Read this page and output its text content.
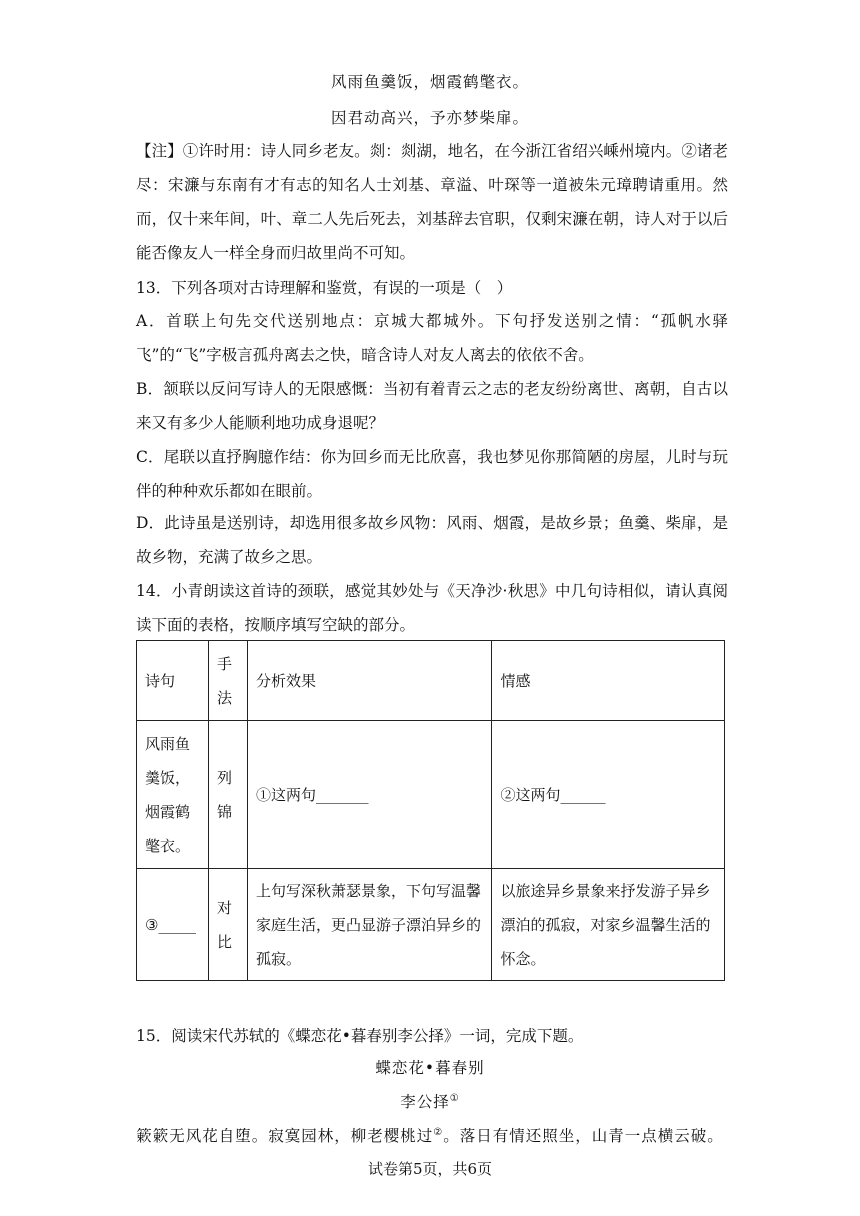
风雨鱼羹饭，烟霞鹤氅衣。
因君动高兴，予亦梦柴扉。
【注】①许时用：诗人同乡老友。剡：剡湖，地名，在今浙江省绍兴嵊州境内。②诸老尽：宋濂与东南有才有志的知名人士刘基、章溢、叶琛等一道被朱元璋聘请重用。然而，仅十来年间，叶、章二人先后死去，刘基辞去官职，仅剩宋濂在朝，诗人对于以后能否像友人一样全身而归故里尚不可知。
13．下列各项对古诗理解和鉴赏，有误的一项是（　）
A．首联上句先交代送别地点：京城大都城外。下句抒发送别之情：“孤帆水驿飞”的“飞”字极言孤舟离去之快，暗含诗人对友人离去的依依不舍。
B．颔联以反问写诗人的无限感慨：当初有着青云之志的老友纷纷离世、离朝，自古以来又有多少人能顺利地功成身退呢？
C．尾联以直抒胸臆作结：你为回乡而无比欣喜，我也梦见你那简陋的房屋，儿时与玩伴的种种欢乐都如在眼前。
D．此诗虽是送别诗，却选用很多故乡风物：风雨、烟霞，是故乡景；鱼羹、柴扉，是故乡物，充满了故乡之思。
14．小青朗读这首诗的颈联，感觉其妙处与《天净沙·秋思》中几句诗相似，请认真阅读下面的表格，按顺序填写空缺的部分。
诗句	手法	分析效果	情感
风雨鱼羹饭，烟霞鹤氅衣。	列锦	①这两句_______	②这两句______
③_____	对比	上句写深秋萧瑟景象，下句写温馨家庭生活，更凸显游子漂泊异乡的孤寂。	以旅途异乡景象来抒发游子异乡漂泊的孤寂，对家乡温馨生活的怀念。
15．阅读宋代苏轼的《蝶恋花•暮春别李公择》一词，完成下题。
蝶恋花•暮春别
李公择①
簌簌无风花自堕。寂寞园林，柳老樱桃过②。落日有情还照坐，山青一点横云破。
试卷第5页，共6页
